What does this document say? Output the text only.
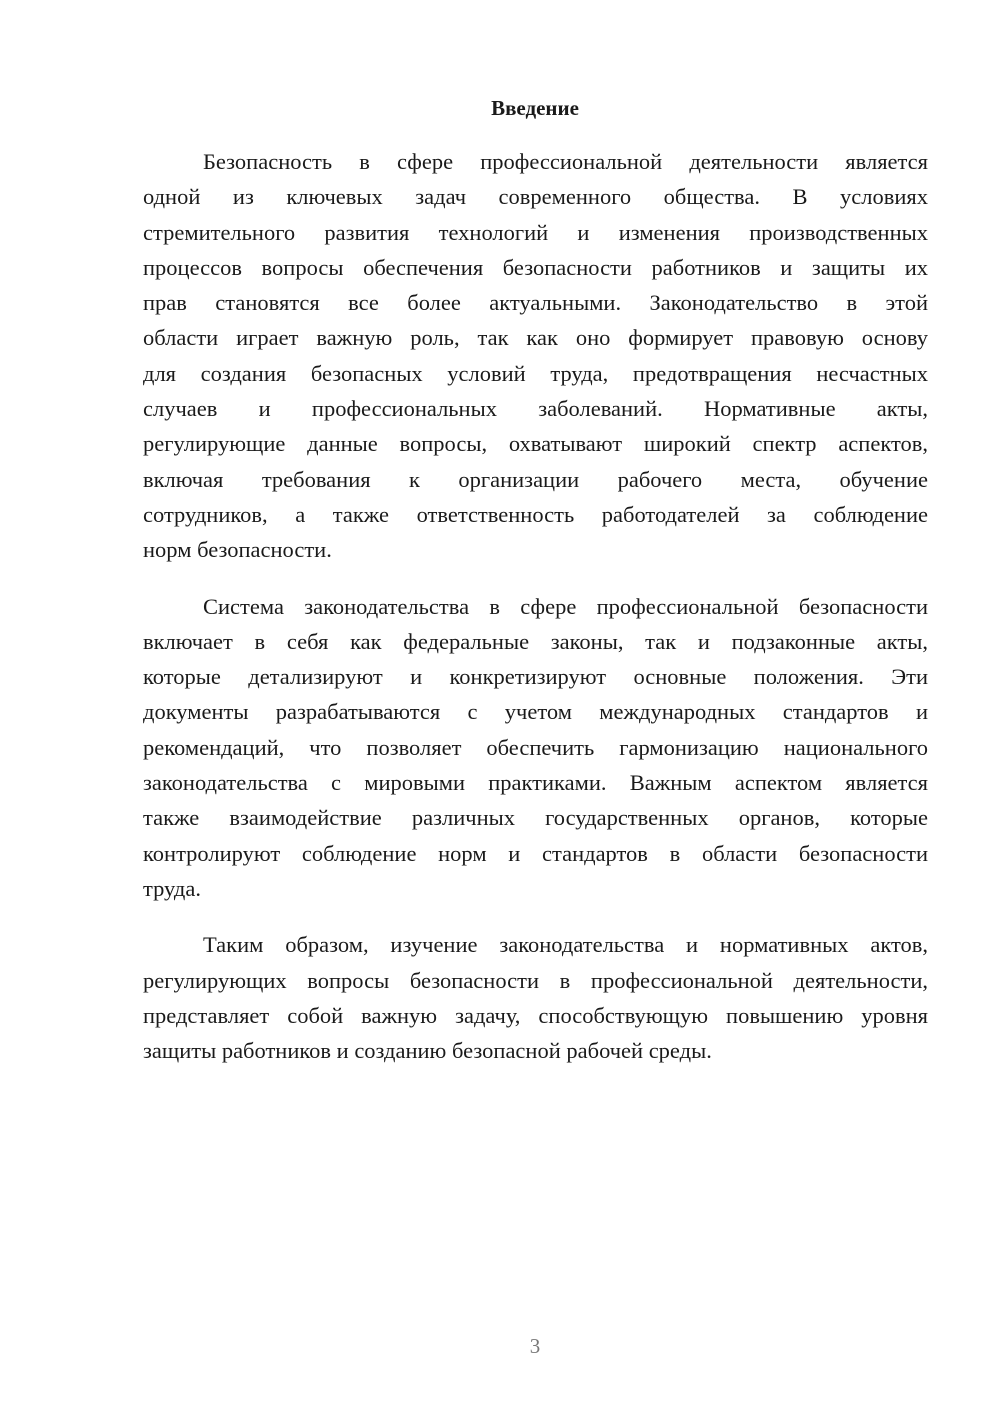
Введение
Безопасность в сфере профессиональной деятельности является
одной из ключевых задач современного общества. В условиях
стремительного развития технологий и изменения производственных
процессов вопросы обеспечения безопасности работников и защиты их
прав становятся все более актуальными. Законодательство в этой
области играет важную роль, так как оно формирует правовую основу
для создания безопасных условий труда, предотвращения несчастных
случаев и профессиональных заболеваний. Нормативные акты,
регулирующие данные вопросы, охватывают широкий спектр аспектов,
включая требования к организации рабочего места, обучение
сотрудников, а также ответственность работодателей за соблюдение
норм безопасности.
Система законодательства в сфере профессиональной безопасности
включает в себя как федеральные законы, так и подзаконные акты,
которые детализируют и конкретизируют основные положения. Эти
документы разрабатываются с учетом международных стандартов и
рекомендаций, что позволяет обеспечить гармонизацию национального
законодательства с мировыми практиками. Важным аспектом является
также взаимодействие различных государственных органов, которые
контролируют соблюдение норм и стандартов в области безопасности
труда.
Таким образом, изучение законодательства и нормативных актов,
регулирующих вопросы безопасности в профессиональной деятельности,
представляет собой важную задачу, способствующую повышению уровня
защиты работников и созданию безопасной рабочей среды.
3
